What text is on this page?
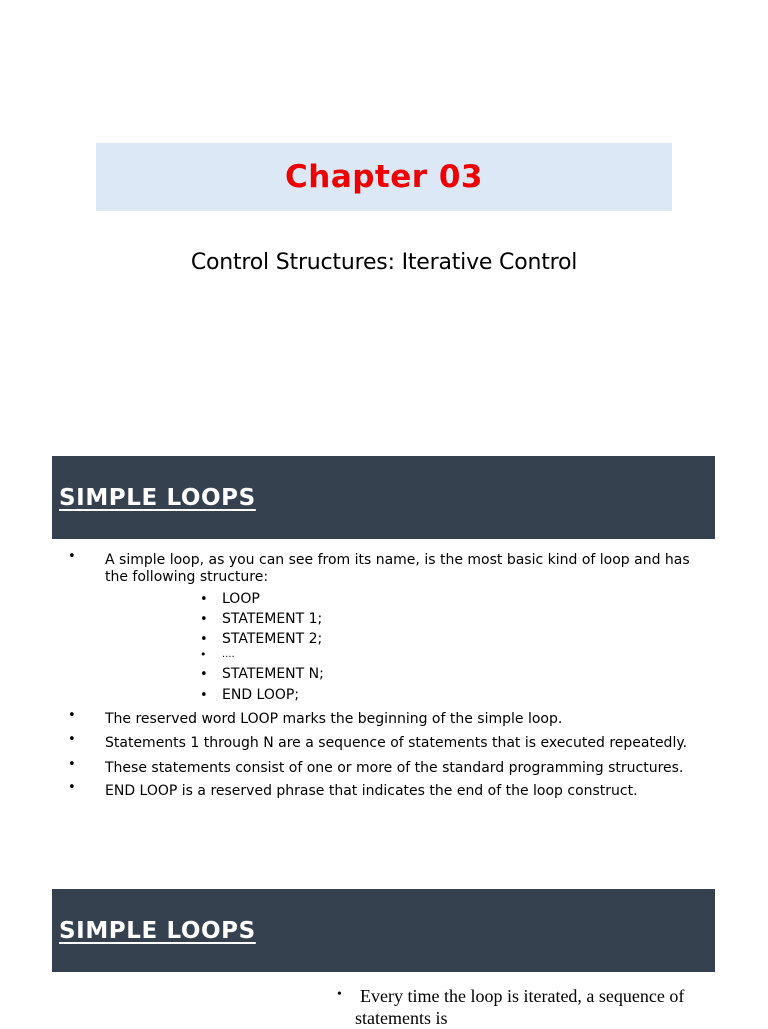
Chapter 03
Control Structures: Iterative Control
SIMPLE LOOPS
• A simple loop, as you can see from its name, is the most basic kind of loop and has the following structure:
• LOOP
• STATEMENT 1;
• STATEMENT 2;
• ....
• STATEMENT N;
• END LOOP;
• The reserved word LOOP marks the beginning of the simple loop.
• Statements 1 through N are a sequence of statements that is executed repeatedly.
• These statements consist of one or more of the standard programming structures.
• END LOOP is a reserved phrase that indicates the end of the loop construct.
SIMPLE LOOPS
• Every time the loop is iterated, a sequence of statements is
